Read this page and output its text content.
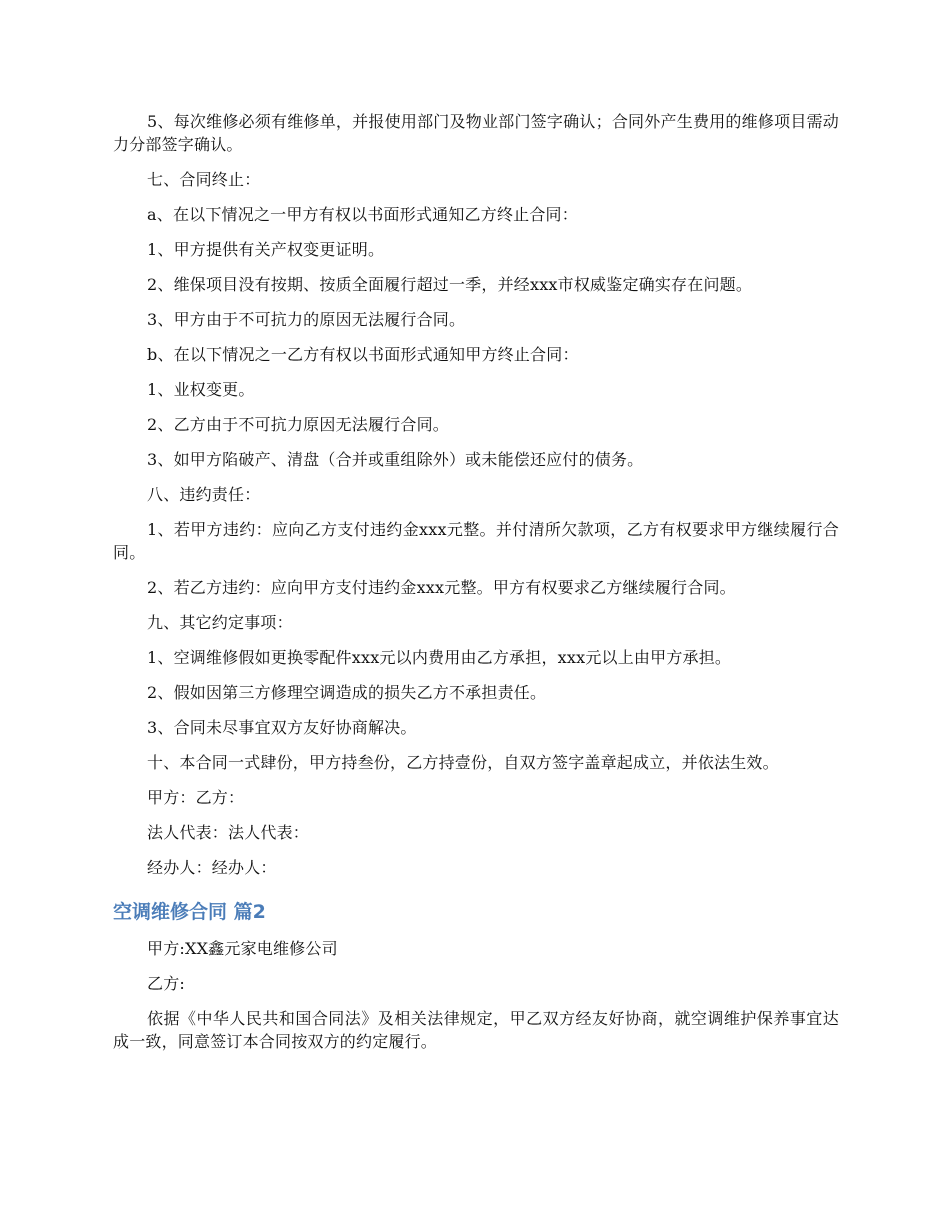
5、每次维修必须有维修单，并报使用部门及物业部门签字确认；合同外产生费用的维修项目需动力分部签字确认。

七、合同终止：

a、在以下情况之一甲方有权以书面形式通知乙方终止合同：

1、甲方提供有关产权变更证明。

2、维保项目没有按期、按质全面履行超过一季，并经xxx市权威鉴定确实存在问题。

3、甲方由于不可抗力的原因无法履行合同。

b、在以下情况之一乙方有权以书面形式通知甲方终止合同：

1、业权变更。

2、乙方由于不可抗力原因无法履行合同。

3、如甲方陷破产、清盘（合并或重组除外）或未能偿还应付的债务。

八、违约责任：

1、若甲方违约：应向乙方支付违约金xxx元整。并付清所欠款项，乙方有权要求甲方继续履行合同。

2、若乙方违约：应向甲方支付违约金xxx元整。甲方有权要求乙方继续履行合同。

九、其它约定事项：

1、空调维修假如更换零配件xxx元以内费用由乙方承担，xxx元以上由甲方承担。

2、假如因第三方修理空调造成的损失乙方不承担责任。

3、合同未尽事宜双方友好协商解决。

十、本合同一式肆份，甲方持叁份，乙方持壹份，自双方签字盖章起成立，并依法生效。

甲方：乙方：

法人代表：法人代表：

经办人：经办人：

空调维修合同 篇2

甲方:XX鑫元家电维修公司

乙方:

依据《中华人民共和国合同法》及相关法律规定，甲乙双方经友好协商，就空调维护保养事宜达成一致，同意签订本合同按双方的约定履行。
